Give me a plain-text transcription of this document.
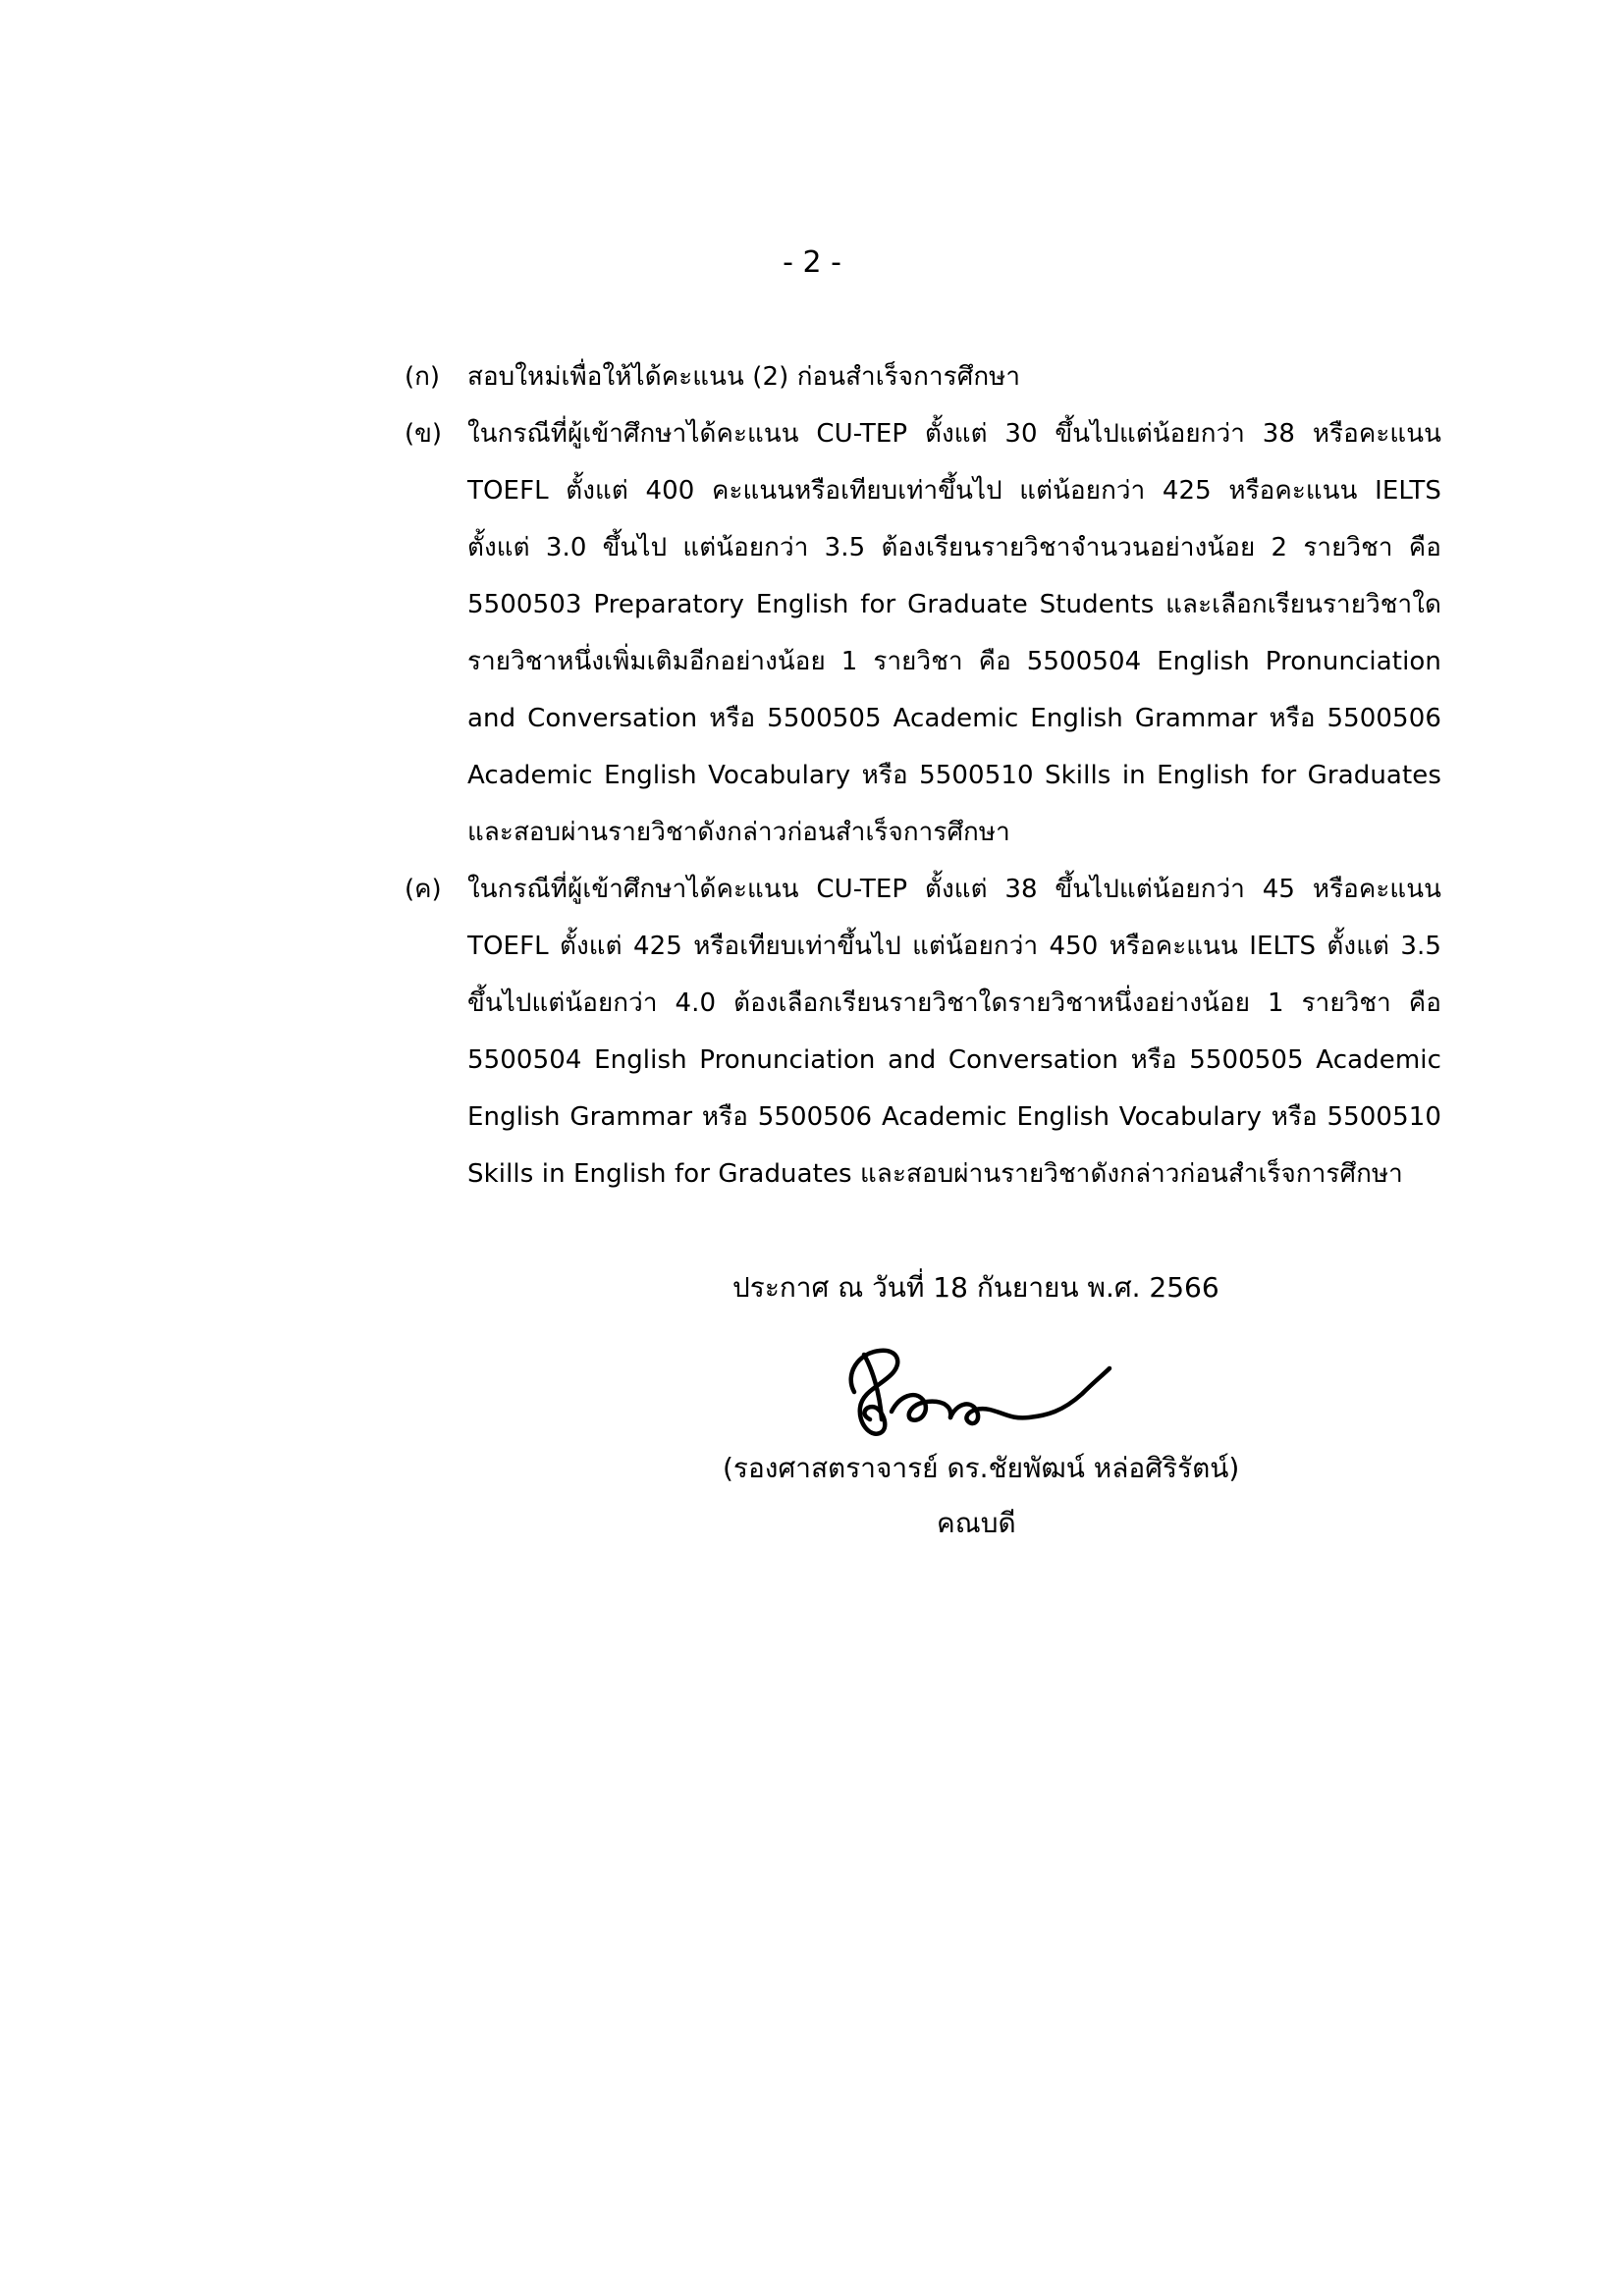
- 2 -
(ก)	สอบใหม่เพื่อให้ได้คะแนน (2) ก่อนสำเร็จการศึกษา
(ข) ในกรณีที่ผู้เข้าศึกษาได้คะแนน CU-TEP ตั้งแต่ 30 ขึ้นไปแต่น้อยกว่า 38 หรือคะแนน TOEFL ตั้งแต่ 400 คะแนนหรือเทียบเท่าขึ้นไป แต่น้อยกว่า 425 หรือคะแนน IELTS ตั้งแต่ 3.0 ขึ้นไป แต่น้อยกว่า 3.5 ต้องเรียนรายวิชาจำนวนอย่างน้อย 2 รายวิชา คือ 5500503 Preparatory English for Graduate Students และเลือกเรียนรายวิชาใดรายวิชาหนึ่งเพิ่มเติมอีกอย่างน้อย 1 รายวิชา คือ 5500504 English Pronunciation and Conversation หรือ 5500505 Academic English Grammar หรือ 5500506 Academic English Vocabulary หรือ 5500510 Skills in English for Graduates และสอบผ่านรายวิชาดังกล่าวก่อนสำเร็จการศึกษา
(ค)	ในกรณีที่ผู้เข้าศึกษาได้คะแนน CU-TEP ตั้งแต่ 38 ขึ้นไปแต่น้อยกว่า 45 หรือคะแนน TOEFL ตั้งแต่ 425 หรือเทียบเท่าขึ้นไป แต่น้อยกว่า 450 หรือคะแนน IELTS ตั้งแต่ 3.5 ขึ้นไปแต่น้อยกว่า 4.0 ต้องเลือกเรียนรายวิชาใดรายวิชาหนึ่งอย่างน้อย 1 รายวิชา คือ 5500504 English Pronunciation and Conversation หรือ 5500505 Academic English Grammar หรือ 5500506 Academic English Vocabulary หรือ 5500510 Skills in English for Graduates และสอบผ่านรายวิชาดังกล่าวก่อนสำเร็จการศึกษา
ประกาศ ณ วันที่ 18 กันยายน พ.ศ. 2566
(รองศาสตราจารย์ ดร.ชัยพัฒน์ หล่อศิริรัตน์)
คณบดี
